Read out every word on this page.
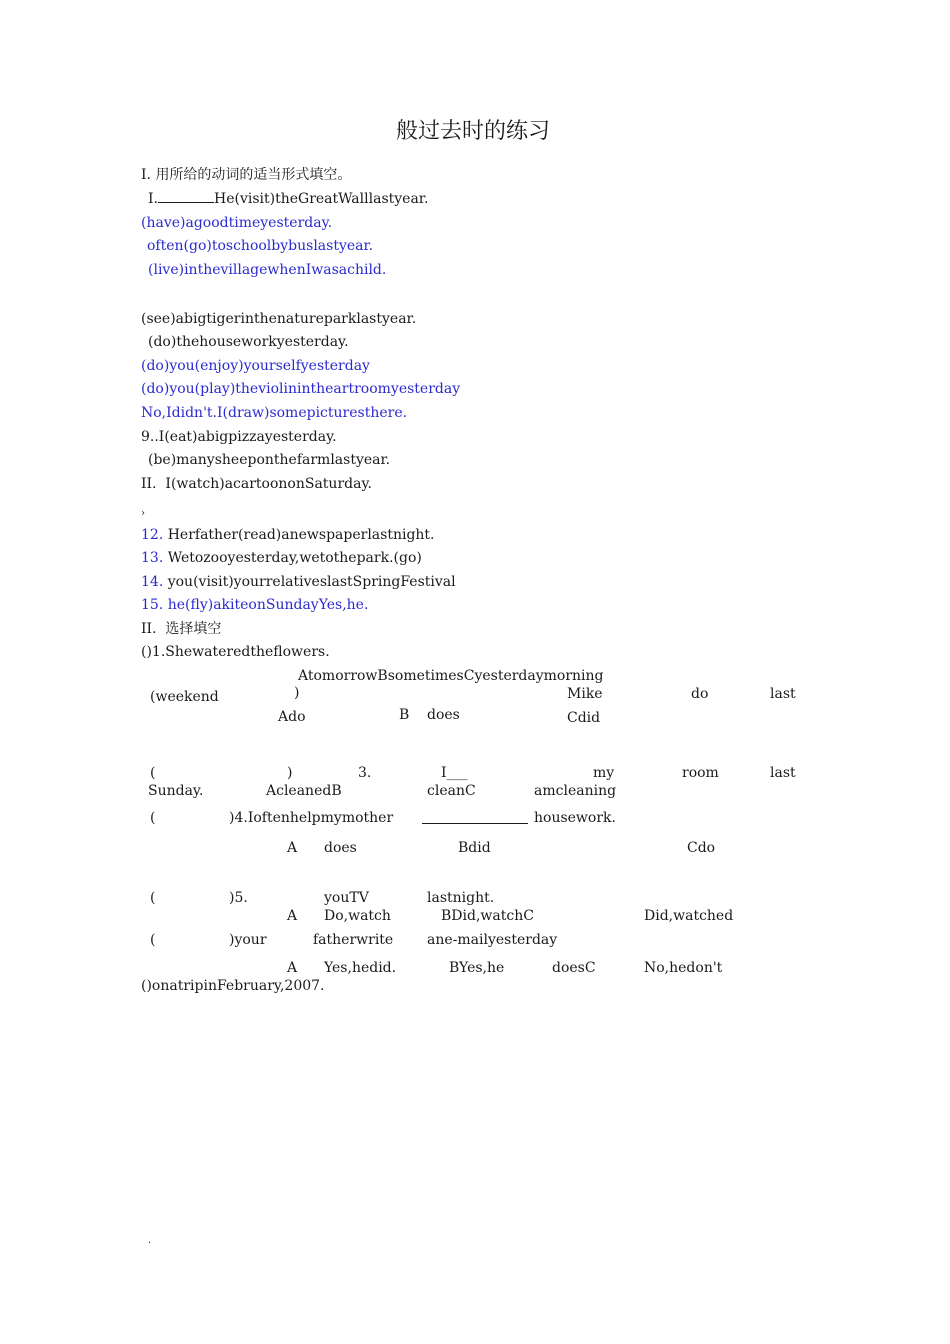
般过去时的练习
I. 用所给的动词的适当形式填空。
I.	He(visit)theGreatWalllastyear.
(have)agoodtimeyesterday.
often(go)toschoolbybuslastyear.
(live)inthevillagewhenIwasachild.
(see)abigtigerinthenatureparklastyear.
(do)thehouseworkyesterday.
(do)you(enjoy)yourselfyesterday
(do)you(play)theviolinintheartroomyesterday
No,Ididn't.I(draw)somepicturesthere.
9..I(eat)abigpizzayesterday.
(be)manysheeponthefarmlastyear.
II. I(watch)acartoononSaturday.
›
12. Herfather(read)anewspaperlastnight.
13. Wetozooyesterday,wetothepark.(go)
14. you(visit)yourrelativeslastSpringFestival
15. he(fly)akiteonSundayYes,he.
II. 选择填空
()1.Shewateredtheflowers.
AtomorrowBsometimesCyesterdaymorning
)
(weekend	Mike	do	last
Ado	B does	Cdid
(	)	3.	I___	my	room	last
Sunday.	AcleanedB	cleanC	amcleaning
(	)4.Ioftenhelpmymother	housework.
A does	Bdid	Cdo
(	)5.	youTV	lastnight.
A Do,watch	BDid,watchC	Did,watched
(	)your	fatherwrite ane-mailyesterday
A Yes,hedid.	BYes,he	doesC	No,hedon't
()onatripinFebruary,2007.
.
